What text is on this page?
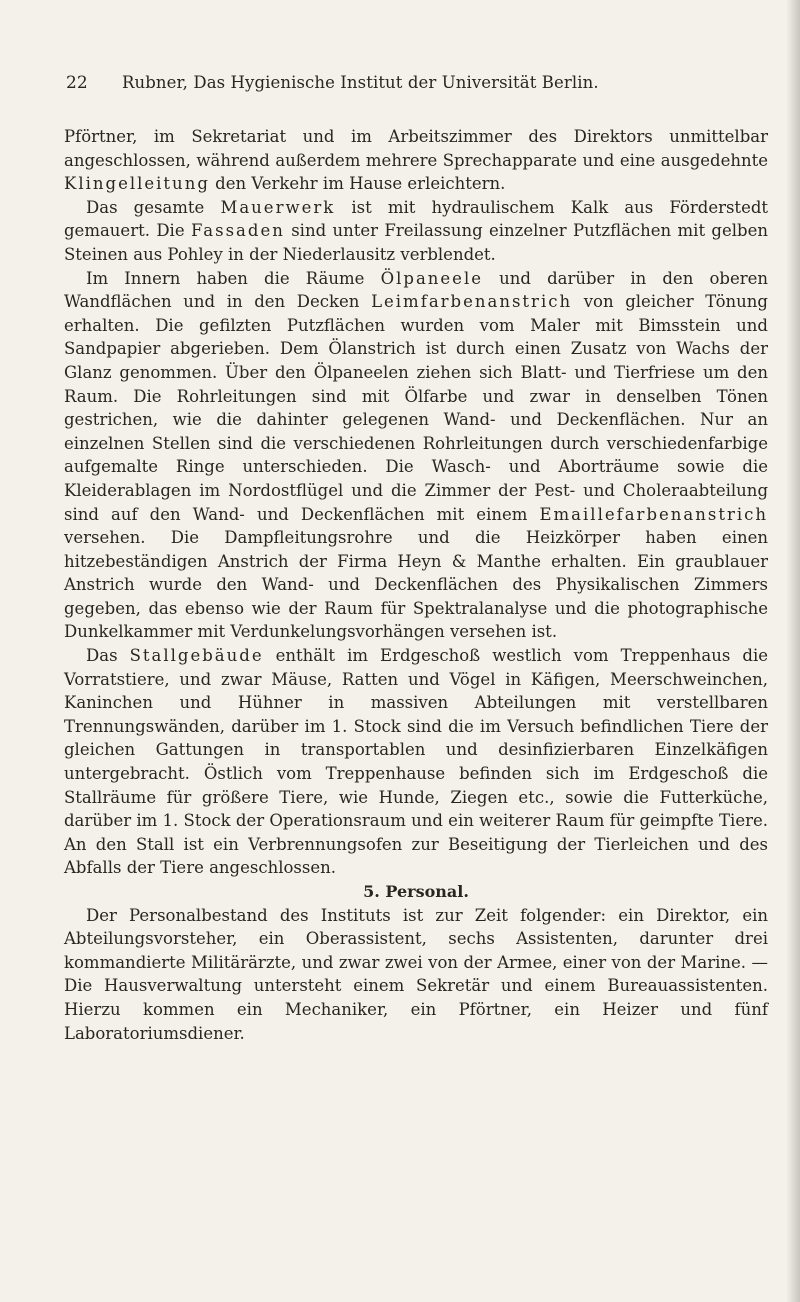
22 Rubner, Das Hygienische Institut der Universität Berlin.

Pförtner, im Sekretariat und im Arbeitszimmer des Direktors unmittelbar angeschlossen, während außerdem mehrere Sprechapparate und eine ausgedehnte Klingelleitung den Verkehr im Hause erleichtern.

Das gesamte Mauerwerk ist mit hydraulischem Kalk aus Förderstedt gemauert. Die Fassaden sind unter Freilassung einzelner Putzflächen mit gelben Steinen aus Pohley in der Niederlausitz verblendet.

Im Innern haben die Räume Ölpaneele und darüber in den oberen Wandflächen und in den Decken Leimfarbenanstrich von gleicher Tönung erhalten. Die gefilzten Putzflächen wurden vom Maler mit Bimsstein und Sandpapier abgerieben. Dem Ölanstrich ist durch einen Zusatz von Wachs der Glanz genommen. Über den Ölpaneelen ziehen sich Blatt- und Tierfriese um den Raum. Die Rohrleitungen sind mit Ölfarbe und zwar in denselben Tönen gestrichen, wie die dahinter gelegenen Wand- und Deckenflächen. Nur an einzelnen Stellen sind die verschiedenen Rohrleitungen durch verschiedenfarbige aufgemalte Ringe unterschieden. Die Wasch- und Aborträume sowie die Kleiderablagen im Nordostflügel und die Zimmer der Pest- und Choleraabteilung sind auf den Wand- und Deckenflächen mit einem Emaillefarbenanstrich versehen. Die Dampfleitungsrohre und die Heizkörper haben einen hitzebeständigen Anstrich der Firma Heyn & Manthe erhalten. Ein graublauer Anstrich wurde den Wand- und Deckenflächen des Physikalischen Zimmers gegeben, das ebenso wie der Raum für Spektralanalyse und die photographische Dunkelkammer mit Verdunkelungsvorhängen versehen ist.

Das Stallgebäude enthält im Erdgeschoß westlich vom Treppenhaus die Vorratstiere, und zwar Mäuse, Ratten und Vögel in Käfigen, Meerschweinchen, Kaninchen und Hühner in massiven Abteilungen mit verstellbaren Trennungswänden, darüber im 1. Stock sind die im Versuch befindlichen Tiere der gleichen Gattungen in transportablen und desinfizierbaren Einzelkäfigen untergebracht. Östlich vom Treppenhause befinden sich im Erdgeschoß die Stallräume für größere Tiere, wie Hunde, Ziegen etc., sowie die Futterküche, darüber im 1. Stock der Operationsraum und ein weiterer Raum für geimpfte Tiere. An den Stall ist ein Verbrennungsofen zur Beseitigung der Tierleichen und des Abfalls der Tiere angeschlossen.

5. Personal.

Der Personalbestand des Instituts ist zur Zeit folgender: ein Direktor, ein Abteilungsvorsteher, ein Oberassistent, sechs Assistenten, darunter drei kommandierte Militärärzte, und zwar zwei von der Armee, einer von der Marine. — Die Hausverwaltung untersteht einem Sekretär und einem Bureauassistenten. Hierzu kommen ein Mechaniker, ein Pförtner, ein Heizer und fünf Laboratoriumsdiener.
